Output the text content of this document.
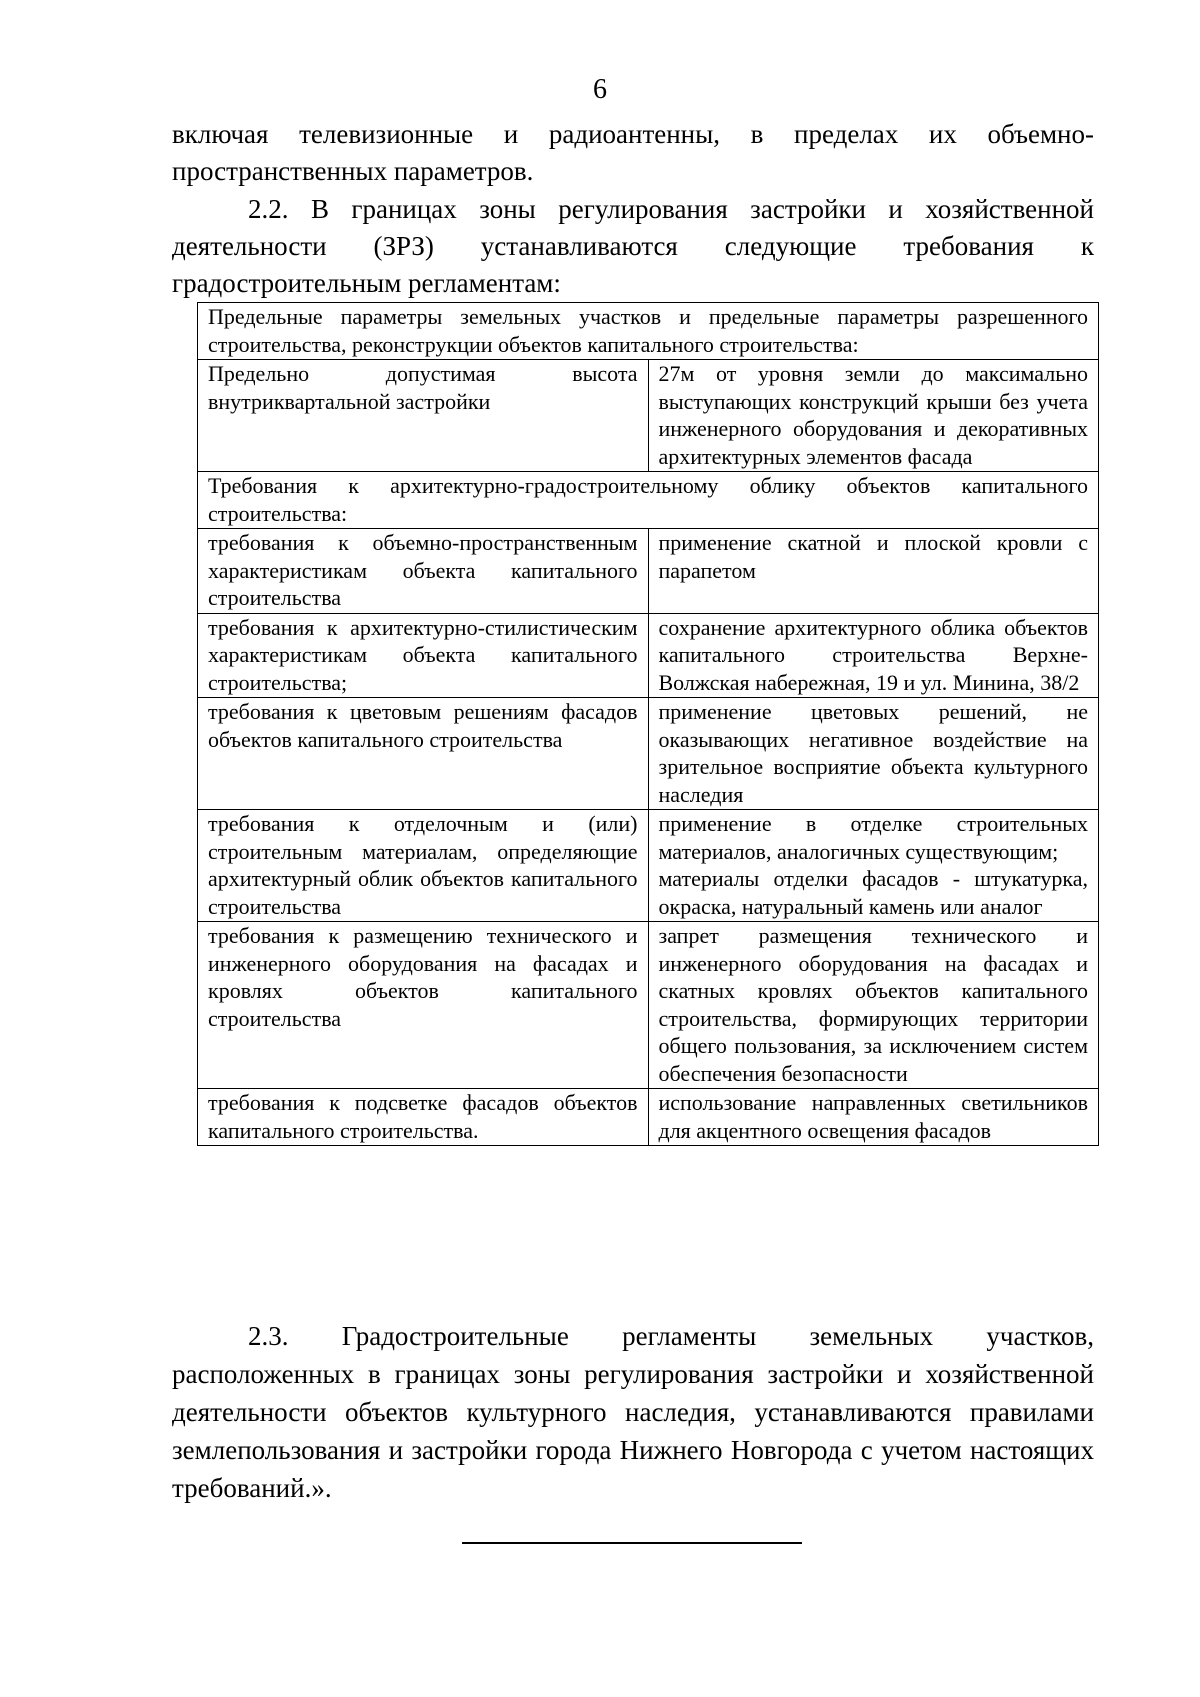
6

включая телевизионные и радиоантенны, в пределах их объемно-пространственных параметров.

2.2. В границах зоны регулирования застройки и хозяйственной деятельности (ЗРЗ) устанавливаются следующие требования к градостроительным регламентам:

Предельные параметры земельных участков и предельные параметры разрешенного строительства, реконструкции объектов капитального строительства:	
Предельно допустимая высота внутриквартальной застройки	27м от уровня земли до максимально выступающих конструкций крыши без учета инженерного оборудования и декоративных архитектурных элементов фасада
Требования к архитектурно-градостроительному облику объектов капитального строительства:	
требования к объемно-пространственным характеристикам объекта капитального строительства	применение скатной и плоской кровли с парапетом
требования к архитектурно-стилистическим характеристикам объекта капитального строительства;	сохранение архитектурного облика объектов капитального строительства Верхне-Волжская набережная, 19 и ул. Минина, 38/2
требования к цветовым решениям фасадов объектов капитального строительства	применение цветовых решений, не оказывающих негативное воздействие на зрительное восприятие объекта культурного наследия
требования к отделочным и (или) строительным материалам, определяющие архитектурный облик объектов капитального строительства	применение в отделке строительных материалов, аналогичных существующим;
материалы отделки фасадов - штукатурка, окраска, натуральный камень или аналог

требования к размещению технического и инженерного оборудования на фасадах и кровлях объектов капитального строительства	запрет размещения технического и инженерного оборудования на фасадах и скатных кровлях объектов капитального строительства, формирующих территории общего пользования, за исключением систем обеспечения безопасности
требования к подсветке фасадов объектов капитального строительства.	использование направленных светильников для акцентного освещения фасадов

2.3. Градостроительные регламенты земельных участков, расположенных в границах зоны регулирования застройки и хозяйственной деятельности объектов культурного наследия, устанавливаются правилами землепользования и застройки города Нижнего Новгорода с учетом настоящих требований.».
